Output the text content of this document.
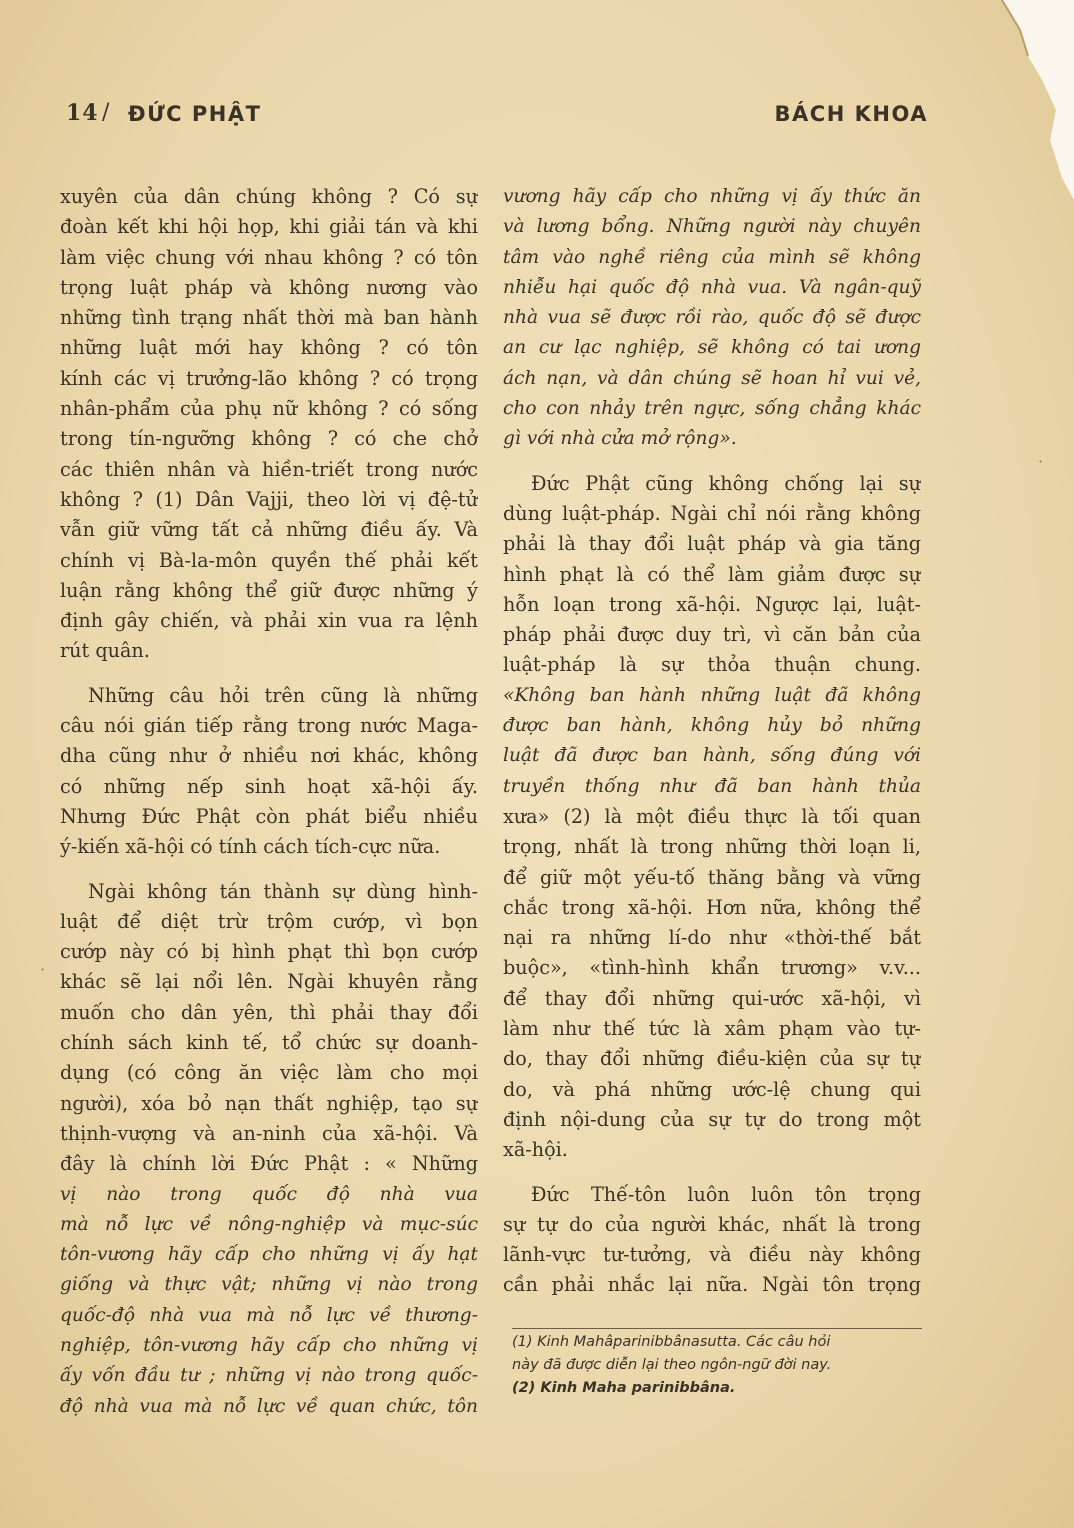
14 / ĐỨC PHẬT	BÁCH KHOA
xuyên của dân chúng không ? Có sự
đoàn kết khi hội họp, khi giải tán và khi
làm việc chung với nhau không ? có tôn
trọng luật pháp và không nương vào
những tình trạng nhất thời mà ban hành
những luật mới hay không ? có tôn
kính các vị trưởng-lão không ? có trọng
nhân-phẩm của phụ nữ không ? có sống
trong tín-ngưỡng không ? có che chở
các thiên nhân và hiền-triết trong nước
không ? (1) Dân Vajji, theo lời vị đệ-tử
vẫn giữ vững tất cả những điều ấy. Và
chính vị Bà-la-môn quyền thế phải kết
luận rằng không thể giữ được những ý
định gây chiến, và phải xin vua ra lệnh
rút quân.
Những câu hỏi trên cũng là những
câu nói gián tiếp rằng trong nước Maga-
dha cũng như ở nhiều nơi khác, không
có những nếp sinh hoạt xã-hội ấy.
Nhưng Đức Phật còn phát biểu nhiều
ý-kiến xã-hội có tính cách tích-cực nữa.
Ngài không tán thành sự dùng hình-
luật để diệt trừ trộm cướp, vì bọn
cướp này có bị hình phạt thì bọn cướp
khác sẽ lại nổi lên. Ngài khuyên rằng
muốn cho dân yên, thì phải thay đổi
chính sách kinh tế, tổ chức sự doanh-
dụng (có công ăn việc làm cho mọi
người), xóa bỏ nạn thất nghiệp, tạo sự
thịnh-vượng và an-ninh của xã-hội. Và
đây là chính lời Đức Phật : « Những
vị nào trong quốc độ nhà vua
mà nỗ lực về nông-nghiệp và mục-súc
tôn-vương hãy cấp cho những vị ấy hạt
giống và thực vật; những vị nào trong
quốc-độ nhà vua mà nỗ lực về thương-
nghiệp, tôn-vương hãy cấp cho những vị
ấy vốn đầu tư ; những vị nào trong quốc-
độ nhà vua mà nỗ lực về quan chức, tôn
vương hãy cấp cho những vị ấy thức ăn
và lương bổng. Những người này chuyên
tâm vào nghề riêng của mình sẽ không
nhiễu hại quốc độ nhà vua. Và ngân-quỹ
nhà vua sẽ được rồi rào, quốc độ sẽ được
an cư lạc nghiệp, sẽ không có tai ương
ách nạn, và dân chúng sẽ hoan hỉ vui vẻ,
cho con nhảy trên ngực, sống chẳng khác
gì với nhà cửa mở rộng».
Đức Phật cũng không chống lại sự
dùng luật-pháp. Ngài chỉ nói rằng không
phải là thay đổi luật pháp và gia tăng
hình phạt là có thể làm giảm được sự
hỗn loạn trong xã-hội. Ngược lại, luật-
pháp phải được duy trì, vì căn bản của
luật-pháp là sự thỏa thuận chung.
«Không ban hành những luật đã không
được ban hành, không hủy bỏ những
luật đã được ban hành, sống đúng với
truyền thống như đã ban hành thủa
xưa» (2) là một điều thực là tối quan
trọng, nhất là trong những thời loạn li,
để giữ một yếu-tố thăng bằng và vững
chắc trong xã-hội. Hơn nữa, không thể
nại ra những lí-do như «thời-thế bắt
buộc», «tình-hình khẩn trương» v.v...
để thay đổi những qui-ước xã-hội, vì
làm như thế tức là xâm phạm vào tự-
do, thay đổi những điều-kiện của sự tự
do, và phá những ước-lệ chung qui
định nội-dung của sự tự do trong một
xã-hội.
Đức Thế-tôn luôn luôn tôn trọng
sự tự do của người khác, nhất là trong
lãnh-vực tư-tưởng, và điều này không
cần phải nhắc lại nữa. Ngài tôn trọng
(1) Kinh Mahâparinibbânasutta. Các câu hỏi
này đã được diễn lại theo ngôn-ngữ đời nay.
(2) Kinh Maha parinibbâna.
·
·
